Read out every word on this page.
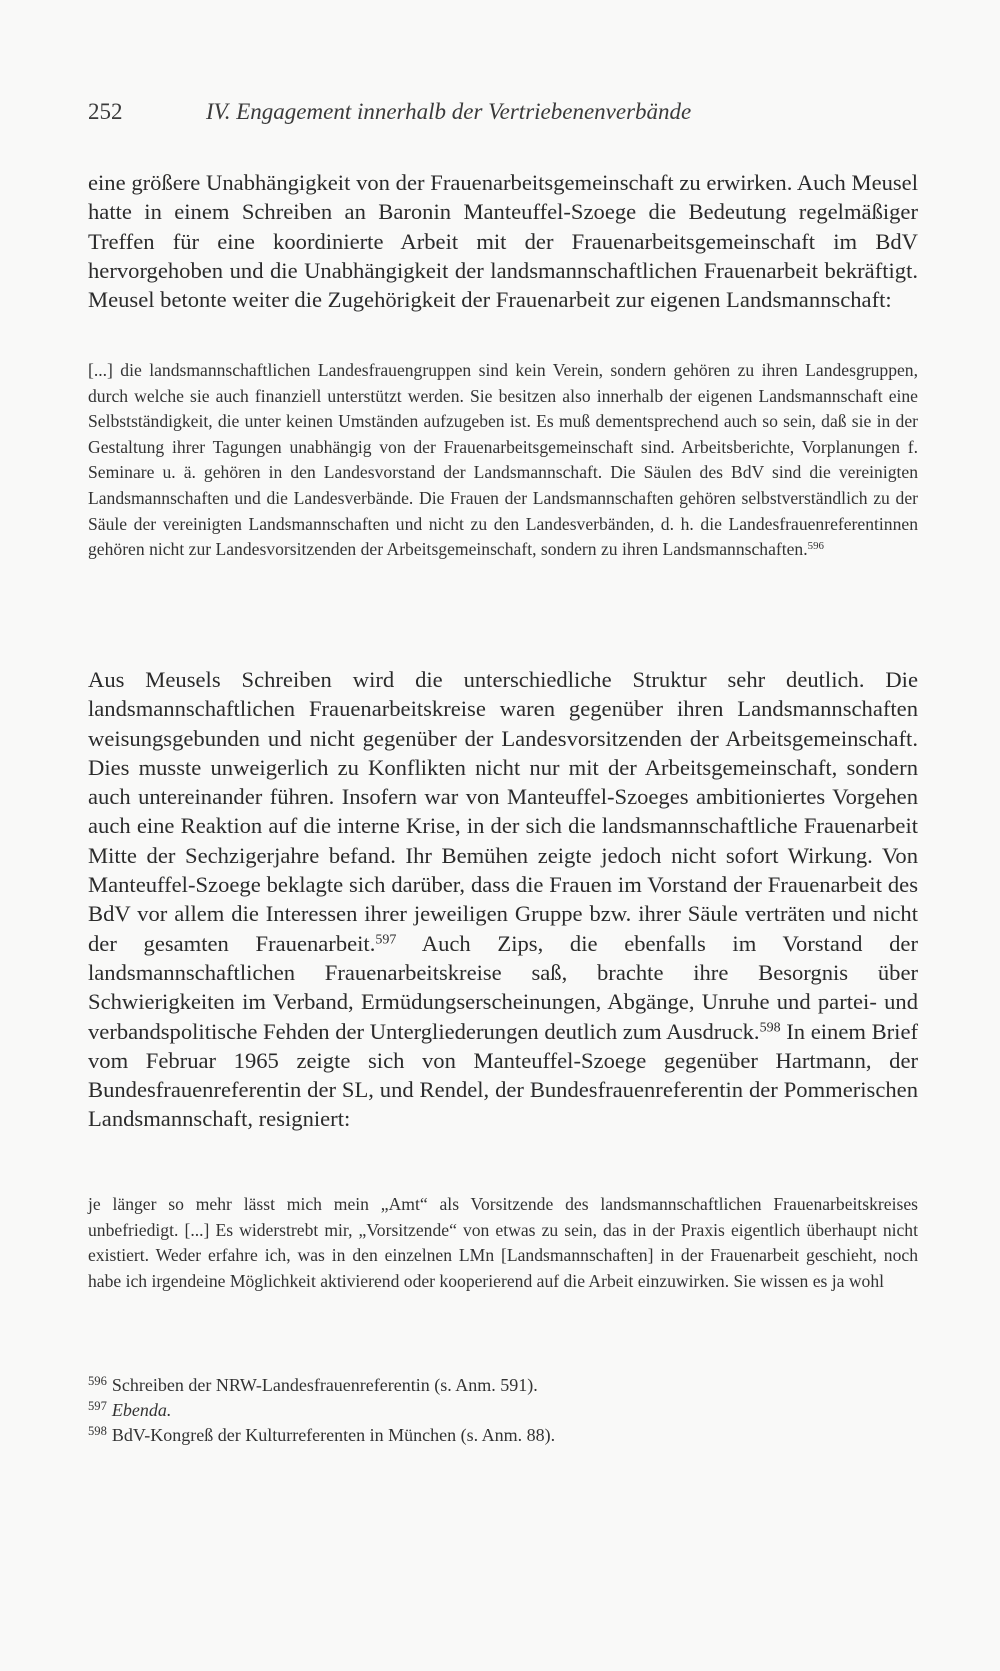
252	IV. Engagement innerhalb der Vertriebenenverbände

eine größere Unabhängigkeit von der Frauenarbeitsgemeinschaft zu erwirken. Auch Meusel hatte in einem Schreiben an Baronin Manteuffel-Szoege die Bedeutung regelmäßiger Treffen für eine koordinierte Arbeit mit der Frauenarbeitsgemeinschaft im BdV hervorgehoben und die Unabhängigkeit der landsmannschaftlichen Frauenarbeit bekräftigt. Meusel betonte weiter die Zugehörigkeit der Frauenarbeit zur eigenen Landsmannschaft:

[...] die landsmannschaftlichen Landesfrauengruppen sind kein Verein, sondern gehören zu ihren Landesgruppen, durch welche sie auch finanziell unterstützt werden. Sie besitzen also innerhalb der eigenen Landsmannschaft eine Selbstständigkeit, die unter keinen Umständen aufzugeben ist. Es muß dementsprechend auch so sein, daß sie in der Gestaltung ihrer Tagungen unabhängig von der Frauenarbeitsgemeinschaft sind. Arbeitsberichte, Vorplanungen f. Seminare u. ä. gehören in den Landesvorstand der Landsmannschaft. Die Säulen des BdV sind die vereinigten Landsmannschaften und die Landesverbände. Die Frauen der Landsmannschaften gehören selbstverständlich zu der Säule der vereinigten Landsmannschaften und nicht zu den Landesverbänden, d. h. die Landesfrauenreferentinnen gehören nicht zur Landesvorsitzenden der Arbeitsgemeinschaft, sondern zu ihren Landsmannschaften.$^{596}$

Aus Meusels Schreiben wird die unterschiedliche Struktur sehr deutlich. Die landsmannschaftlichen Frauenarbeitskreise waren gegenüber ihren Landsmannschaften weisungsgebunden und nicht gegenüber der Landesvorsitzenden der Arbeitsgemeinschaft. Dies musste unweigerlich zu Konflikten nicht nur mit der Arbeitsgemeinschaft, sondern auch untereinander führen. Insofern war von Manteuffel-Szoeges ambitioniertes Vorgehen auch eine Reaktion auf die interne Krise, in der sich die landsmannschaftliche Frauenarbeit Mitte der Sechzigerjahre befand. Ihr Bemühen zeigte jedoch nicht sofort Wirkung. Von Manteuffel-Szoege beklagte sich darüber, dass die Frauen im Vorstand der Frauenarbeit des BdV vor allem die Interessen ihrer jeweiligen Gruppe bzw. ihrer Säule verträten und nicht der gesamten Frauenarbeit.$^{597}$ Auch Zips, die ebenfalls im Vorstand der landsmannschaftlichen Frauenarbeitskreise saß, brachte ihre Besorgnis über Schwierigkeiten im Verband, Ermüdungserscheinungen, Abgänge, Unruhe und partei- und verbandspolitische Fehden der Untergliederungen deutlich zum Ausdruck.$^{598}$ In einem Brief vom Februar 1965 zeigte sich von Manteuffel-Szoege gegenüber Hartmann, der Bundesfrauenreferentin der SL, und Rendel, der Bundesfrauenreferentin der Pommerischen Landsmannschaft, resigniert:

je länger so mehr lässt mich mein „Amt“ als Vorsitzende des landsmannschaftlichen Frauenarbeitskreises unbefriedigt. [...] Es widerstrebt mir, „Vorsitzende“ von etwas zu sein, das in der Praxis eigentlich überhaupt nicht existiert. Weder erfahre ich, was in den einzelnen LMn [Landsmannschaften] in der Frauenarbeit geschieht, noch habe ich irgendeine Möglichkeit aktivierend oder kooperierend auf die Arbeit einzuwirken. Sie wissen es ja wohl

$^{596}$ Schreiben der NRW-Landesfrauenreferentin (s. Anm. 591).
$^{597}$ Ebenda.
$^{598}$ BdV-Kongreß der Kulturreferenten in München (s. Anm. 88).
